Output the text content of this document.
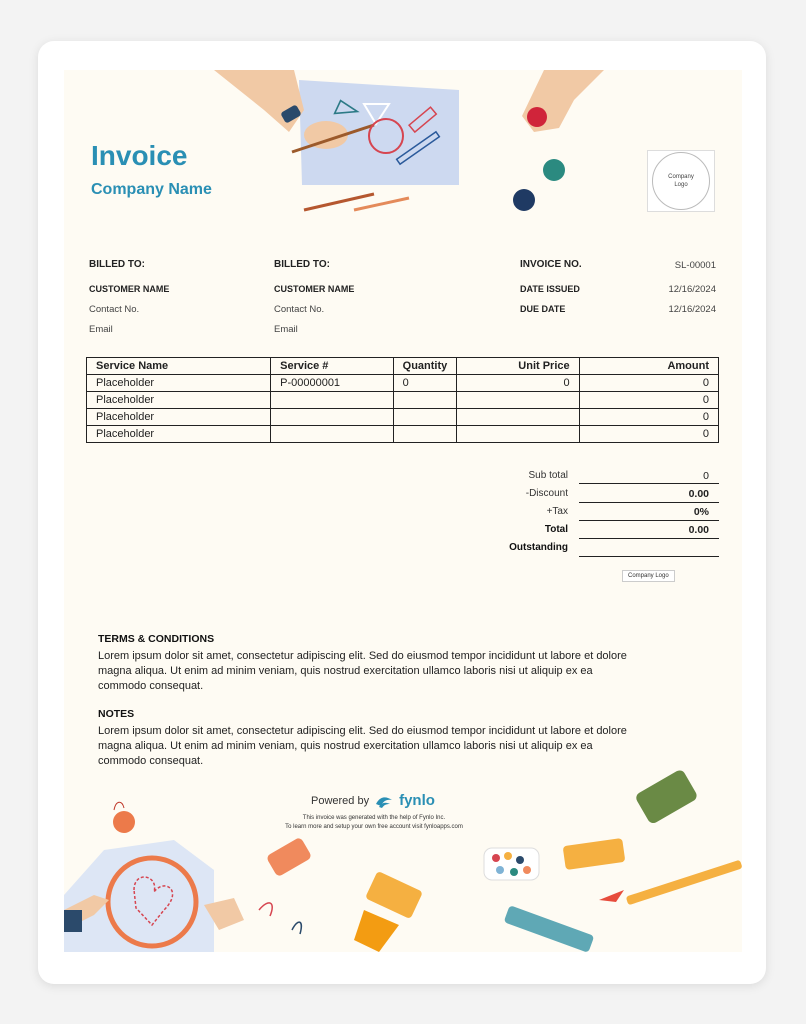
Invoice
Company Name
Company
Logo
BILLED TO:
CUSTOMER NAME
Contact No.
Email
BILLED TO:
CUSTOMER NAME
Contact No.
Email
INVOICE NO.	SL-00001
DATE ISSUED	12/16/2024
DUE DATE	12/16/2024
Service Name	Service #	Quantity	Unit Price	Amount
Placeholder	P-00000001	0	0	0
Placeholder				0
Placeholder				0
Placeholder				0
Sub total	0
-Discount	0.00
+Tax	0%
Total	0.00
Outstanding
Company Logo
TERMS & CONDITIONS
Lorem ipsum dolor sit amet, consectetur adipiscing elit. Sed do eiusmod tempor incididunt ut labore et dolore magna aliqua. Ut enim ad minim veniam, quis nostrud exercitation ullamco laboris nisi ut aliquip ex ea commodo consequat.
NOTES
Lorem ipsum dolor sit amet, consectetur adipiscing elit. Sed do eiusmod tempor incididunt ut labore et dolore magna aliqua. Ut enim ad minim veniam, quis nostrud exercitation ullamco laboris nisi ut aliquip ex ea commodo consequat.
Powered by fynlo
This invoice was generated with the help of Fynlo Inc.
To learn more and setup your own free account visit fynloapps.com
